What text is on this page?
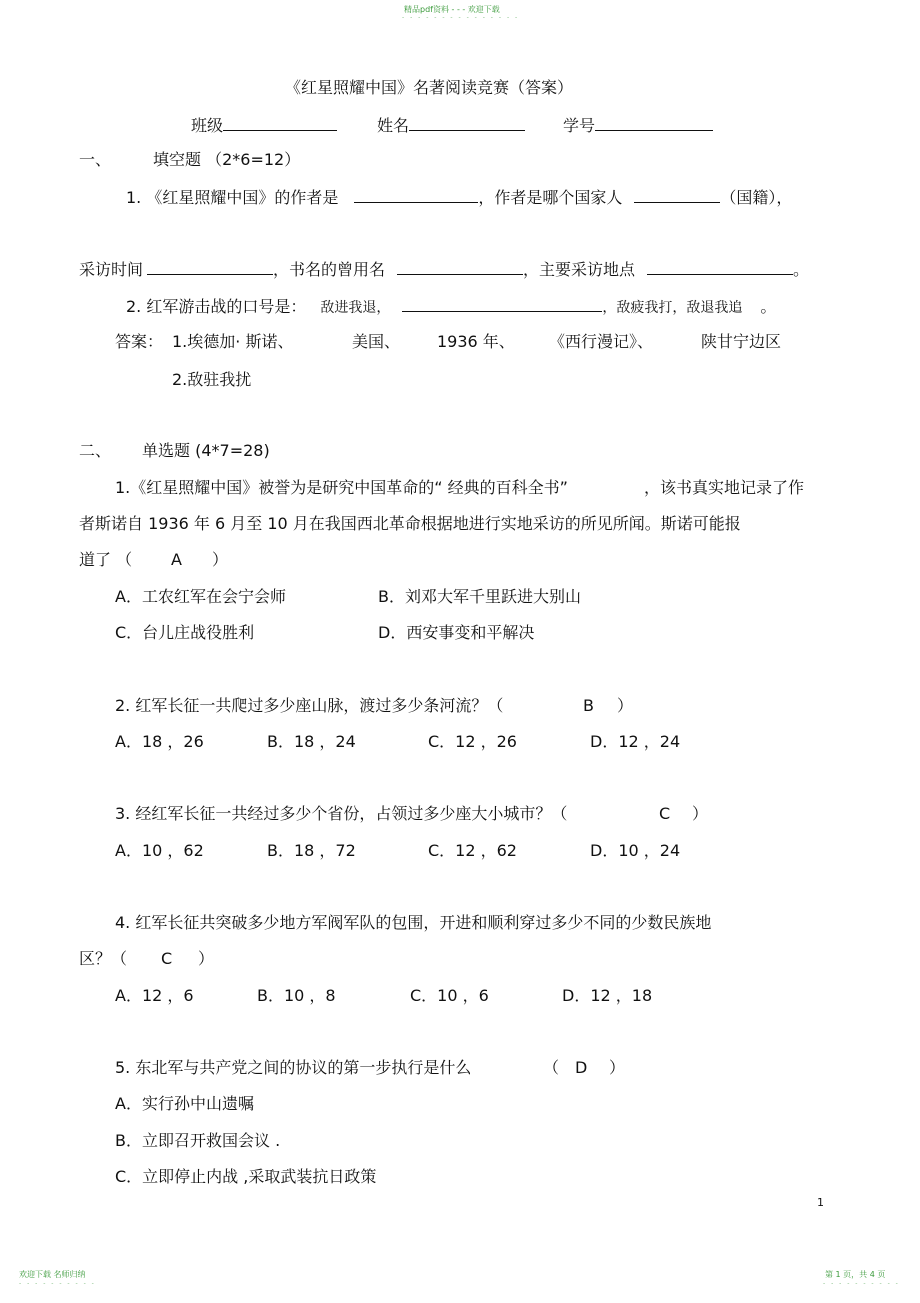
精品pdf资料 - - - 欢迎下载
- - - - - - - - - - - - - - -
《红星照耀中国》名著阅读竞赛（答案）
班级	姓名	学号
一、	填空题 （2*6=12）
1. 《红星照耀中国》的作者是	，作者是哪个国家人	（国籍），
采访时间	，书名的曾用名	，主要采访地点	。
2. 红军游击战的口号是： 敌进我退，	，敌疲我打，敌退我追 。
答案： 1.埃德加· 斯诺、	美国、 1936 年、 《西行漫记》、	陕甘宁边区
2.敌驻我扰
二、 单选题 (4*7=28)
1.《红星照耀中国》被誉为是研究中国革命的“ 经典的百科全书”	，该书真实地记录了作
者斯诺自 1936 年 6 月至 10 月在我国西北革命根据地进行实地采访的所见所闻。斯诺可能报
道了 （ A ）
A．工农红军在会宁会师	B．刘邓大军千里跃进大别山
C．台儿庄战役胜利	D．西安事变和平解决
2. 红军长征一共爬过多少座山脉，渡过多少条河流？（	B ）
A．18 ，26	B．18 ，24	C．12 ，26	D．12 ，24
3. 经红军长征一共经过多少个省份，占领过多少座大小城市？（	C ）
A．10 ，62	B．18 ，72	C．12 ，62	D．10 ，24
4. 红军长征共突破多少地方军阀军队的包围，开进和顺利穿过多少不同的少数民族地
区？（ C ）
A．12 ，6	B．10 ，8	C．10 ，6	D．12 ，18
5. 东北军与共产党之间的协议的第一步执行是什么	（ D ）
A．实行孙中山遗嘱
B．立即召开救国会议 .
C．立即停止内战 ,采取武装抗日政策
1
欢迎下载 名师归纳
- - - - - - - - - -
第 1 页，共 4 页
- - - - - - - - - -
